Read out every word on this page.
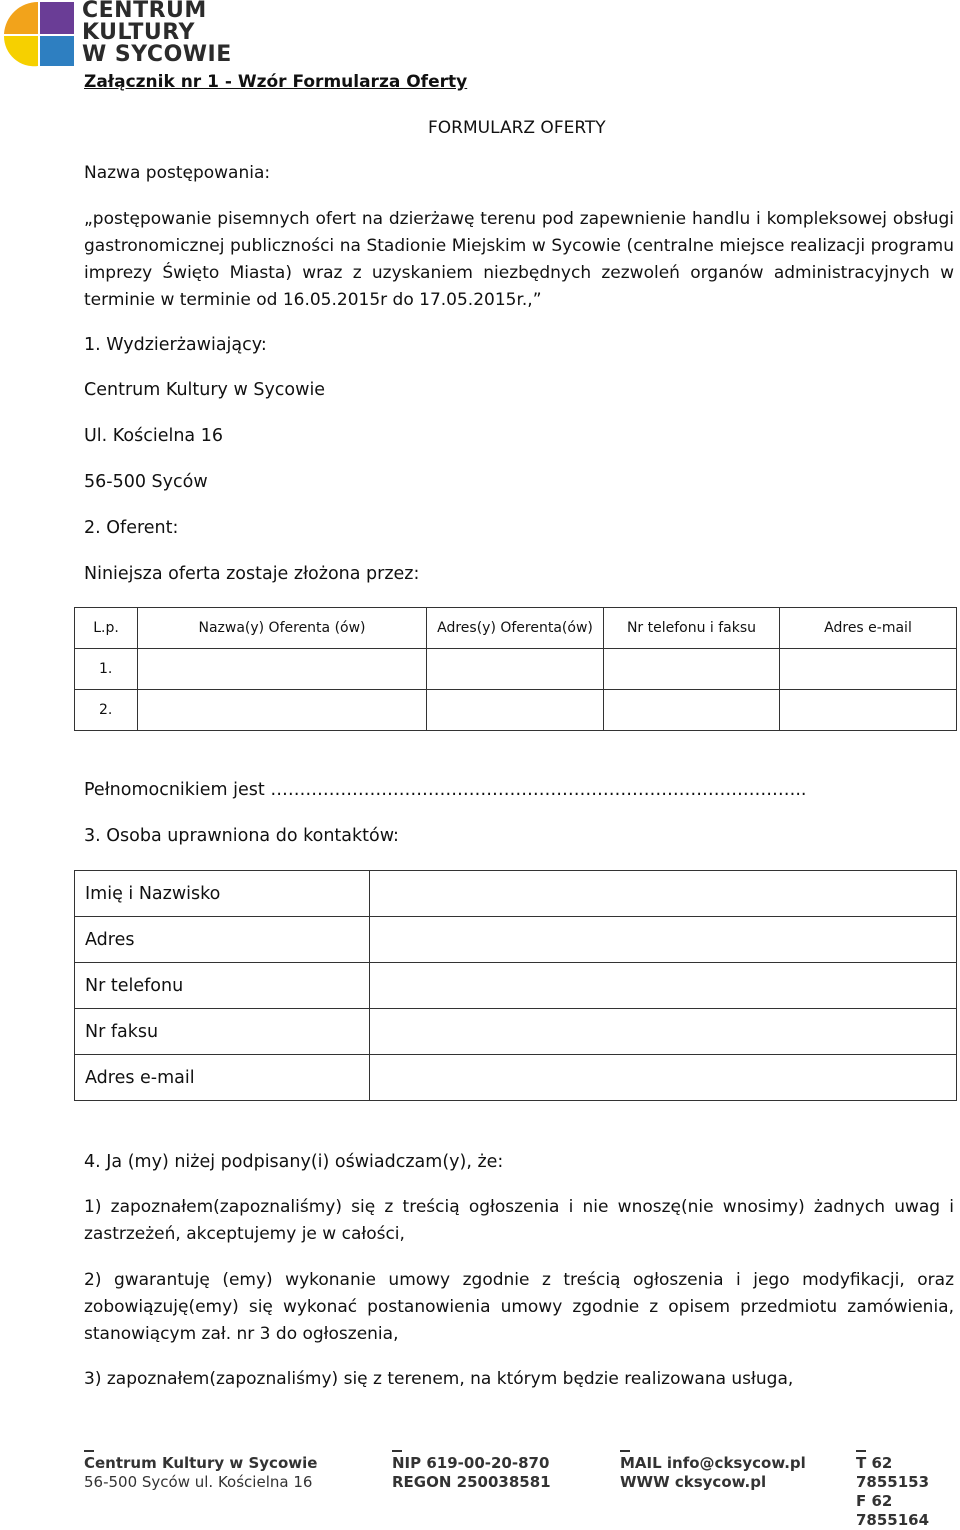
CENTRUM
KULTURY
W SYCOWIE
Załącznik nr 1 - Wzór Formularza Oferty
FORMULARZ OFERTY
Nazwa postępowania:
„postępowanie pisemnych ofert na dzierżawę terenu pod zapewnienie handlu i kompleksowej obsługi gastronomicznej publiczności na Stadionie Miejskim w Sycowie (centralne miejsce realizacji programu imprezy Święto Miasta) wraz z uzyskaniem niezbędnych zezwoleń organów administracyjnych w terminie w terminie od 16.05.2015r do 17.05.2015r.,”
1. Wydzierżawiający:
Centrum Kultury w Sycowie
Ul. Kościelna 16
56-500 Syców
2. Oferent:
Niniejsza oferta zostaje złożona przez:
L.p.	Nazwa(y) Oferenta (ów)	Adres(y) Oferenta(ów)	Nr telefonu i faksu	Adres e-mail
1.				
2.				
Pełnomocnikiem jest ………………………………………………………………………………..
3. Osoba uprawniona do kontaktów:
Imię i Nazwisko	
Adres	
Nr telefonu	
Nr faksu	
Adres e-mail	
4. Ja (my) niżej podpisany(i) oświadczam(y), że:
1) zapoznałem(zapoznaliśmy) się z treścią ogłoszenia i nie wnoszę(nie wnosimy) żadnych uwag i zastrzeżeń, akceptujemy je w całości,
2) gwarantuję (emy) wykonanie umowy zgodnie z treścią ogłoszenia i jego modyfikacji, oraz zobowiązuję(emy) się wykonać postanowienia umowy zgodnie z opisem przedmiotu zamówienia, stanowiącym zał. nr 3 do ogłoszenia,
3) zapoznałem(zapoznaliśmy) się z terenem, na którym będzie realizowana usługa,
Centrum Kultury w Sycowie
56-500 Syców ul. Kościelna 16
NIP 619-00-20-870
REGON 250038581
MAIL info@cksycow.pl
WWW cksycow.pl
T 62 7855153
F 62 7855164
